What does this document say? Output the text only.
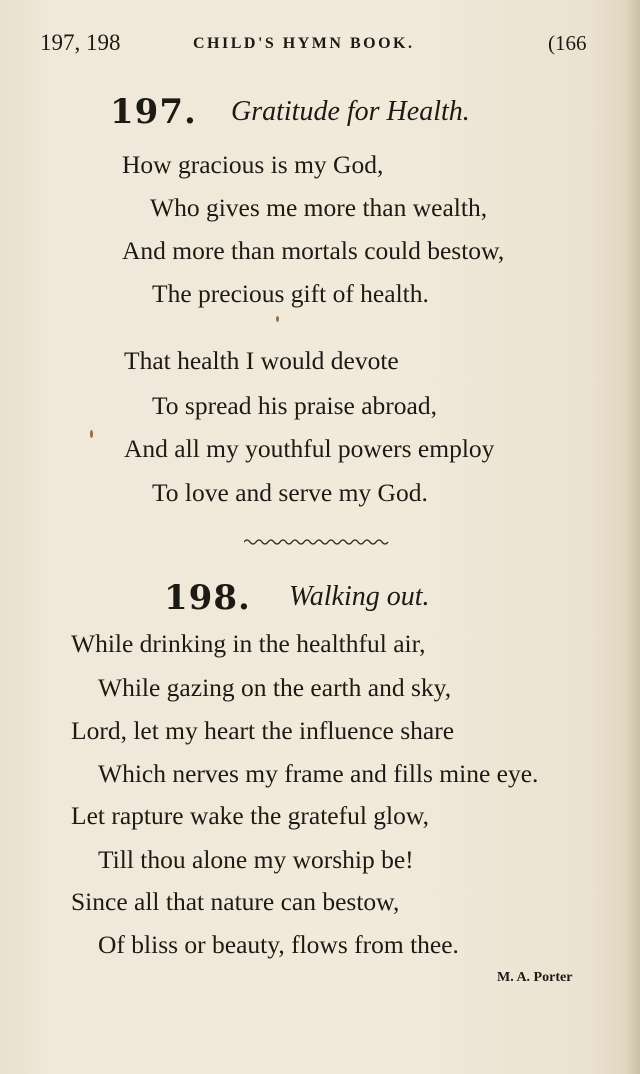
197, 198	CHILD'S HYMN BOOK.	(166
197. Gratitude for Health.
How gracious is my God,
Who gives me more than wealth,
And more than mortals could bestow,
The precious gift of health.
That health I would devote
To spread his praise abroad,
And all my youthful powers employ
To love and serve my God.
198. Walking out.
While drinking in the healthful air,
While gazing on the earth and sky,
Lord, let my heart the influence share
Which nerves my frame and fills mine eye.
Let rapture wake the grateful glow,
Till thou alone my worship be!
Since all that nature can bestow,
Of bliss or beauty, flows from thee.
M. A. Porter
